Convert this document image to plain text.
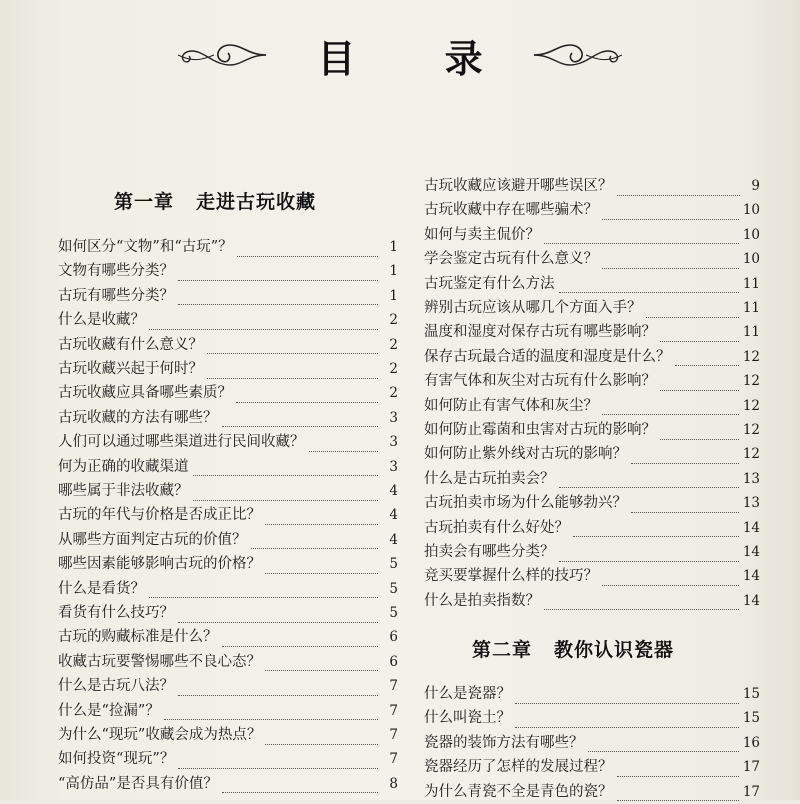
目 录
第一章 走进古玩收藏
如何区分“文物”和“古玩”？	1
文物有哪些分类？	1
古玩有哪些分类？	1
什么是收藏？	2
古玩收藏有什么意义？	2
古玩收藏兴起于何时？	2
古玩收藏应具备哪些素质？	2
古玩收藏的方法有哪些？	3
人们可以通过哪些渠道进行民间收藏？	3
何为正确的收藏渠道	3
哪些属于非法收藏？	4
古玩的年代与价格是否成正比？	4
从哪些方面判定古玩的价值？	4
哪些因素能够影响古玩的价格？	5
什么是看货？	5
看货有什么技巧？	5
古玩的购藏标准是什么？	6
收藏古玩要警惕哪些不良心态？	6
什么是古玩八法？	7
什么是“捡漏”？	7
为什么“现玩”收藏会成为热点？	7
如何投资“现玩”？	7
“高仿品”是否具有价值？	8
第二章 教你认识瓷器
古玩收藏应该避开哪些误区？	9
古玩收藏中存在哪些骗术？	10
如何与卖主侃价？	10
学会鉴定古玩有什么意义？	10
古玩鉴定有什么方法	11
辨别古玩应该从哪几个方面入手？	11
温度和湿度对保存古玩有哪些影响？	11
保存古玩最合适的温度和湿度是什么？	12
有害气体和灰尘对古玩有什么影响？	12
如何防止有害气体和灰尘？	12
如何防止霉菌和虫害对古玩的影响？	12
如何防止紫外线对古玩的影响？	12
什么是古玩拍卖会？	13
古玩拍卖市场为什么能够勃兴？	13
古玩拍卖有什么好处？	14
拍卖会有哪些分类？	14
竞买要掌握什么样的技巧？	14
什么是拍卖指数？	14
什么是瓷器？	15
什么叫瓷土？	15
瓷器的装饰方法有哪些？	16
瓷器经历了怎样的发展过程？	17
为什么青瓷不全是青色的瓷？	17
